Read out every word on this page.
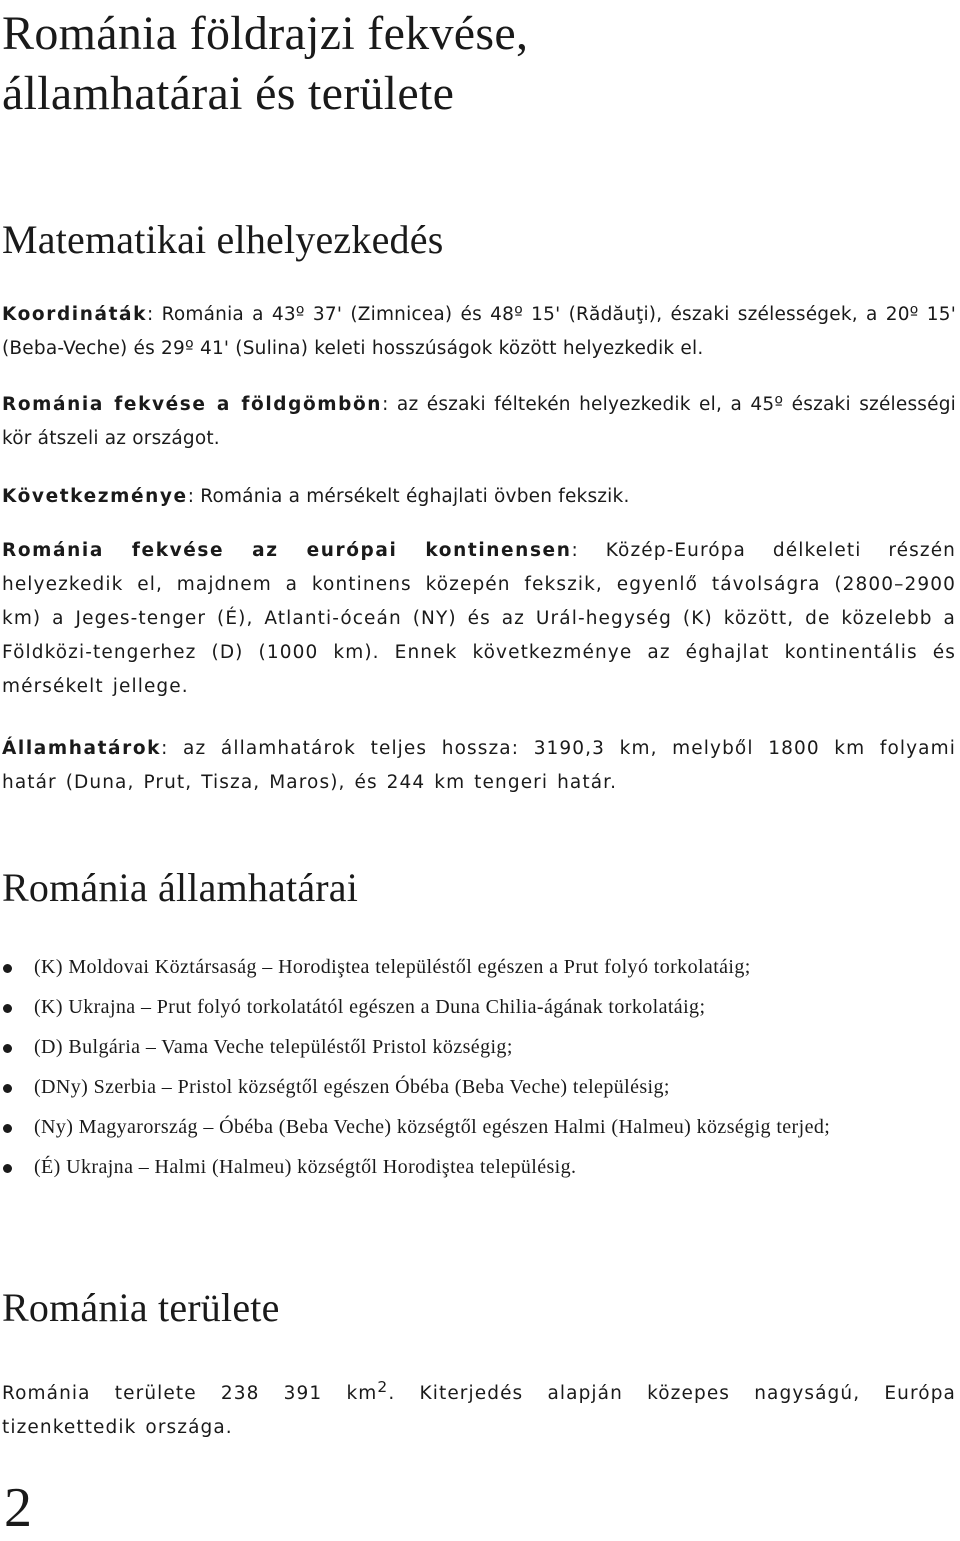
Románia földrajzi fekvése,
államhatárai és területe
Matematikai elhelyezkedés

Koordináták: Románia a 43º 37' (Zimnicea) és 48º 15' (Rădăuţi), északi szélességek, a 20º 15' (Beba-Veche) és 29º 41' (Sulina) keleti hosszúságok között helyezkedik el.

Románia fekvése a földgömbön: az északi féltekén helyezkedik el, a 45º északi szélességi kör átszeli az országot.

Következménye: Románia a mérsékelt éghajlati övben fekszik.

Románia fekvése az európai kontinensen: Közép-Európa délkeleti részén helyezkedik el, majdnem a kontinens közepén fekszik, egyenlő távolságra (2800–2900 km) a Jeges-tenger (É), Atlanti-óceán (NY) és az Urál-hegység (K) között, de közelebb a Földközi-tengerhez (D) (1000 km). Ennek következménye az éghajlat kontinentális és mérsékelt jellege.

Államhatárok: az államhatárok teljes hossza: 3190,3 km, melyből 1800 km folyami határ (Duna, Prut, Tisza, Maros), és 244 km tengeri határ.

Románia államhatárai
(K) Moldovai Köztársaság – Horodiştea településtől egészen a Prut folyó torkolatáig;
(K) Ukrajna – Prut folyó torkolatától egészen a Duna Chilia-ágának torkolatáig;
(D) Bulgária – Vama Veche településtől Pristol községig;
(DNy) Szerbia – Pristol községtől egészen Óbéba (Beba Veche) településig;
(Ny) Magyarország – Óbéba (Beba Veche) községtől egészen Halmi (Halmeu) községig terjed;
(É) Ukrajna – Halmi (Halmeu) községtől Horodiştea településig.
Románia területe

Románia területe 238 391 $km^2$. Kiterjedés alapján közepes nagyságú, Európa tizenkettedik országa.

2
